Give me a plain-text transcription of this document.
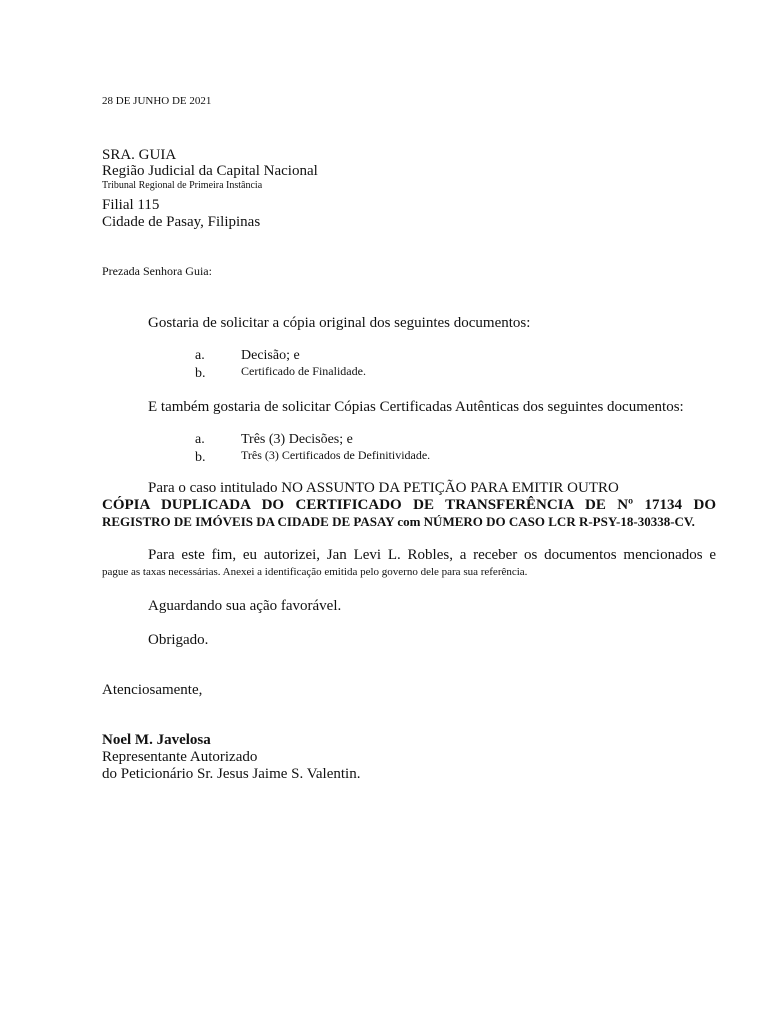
28 DE JUNHO DE 2021
SRA. GUIA
Região Judicial da Capital Nacional
Tribunal Regional de Primeira Instância
Filial 115
Cidade de Pasay, Filipinas
Prezada Senhora Guia:
Gostaria de solicitar a cópia original dos seguintes documentos:
a.	Decisão; e
b.	Certificado de Finalidade.
E também gostaria de solicitar Cópias Certificadas Autênticas dos seguintes documentos:
a.	Três (3) Decisões; e
b.	Três (3) Certificados de Definitividade.
Para o caso intitulado NO ASSUNTO DA PETIÇÃO PARA EMITIR OUTRO
CÓPIA DUPLICADA DO CERTIFICADO DE TRANSFERÊNCIA DE Nº 17134 DO
REGISTRO DE IMÓVEIS DA CIDADE DE PASAY com NÚMERO DO CASO LCR R-PSY-18-30338-CV.
Para este fim, eu autorizei, Jan Levi L. Robles, a receber os documentos mencionados e
pague as taxas necessárias. Anexei a identificação emitida pelo governo dele para sua referência.
Aguardando sua ação favorável.
Obrigado.
Atenciosamente,
Noel M. Javelosa
Representante Autorizado
do Peticionário Sr. Jesus Jaime S. Valentin.
